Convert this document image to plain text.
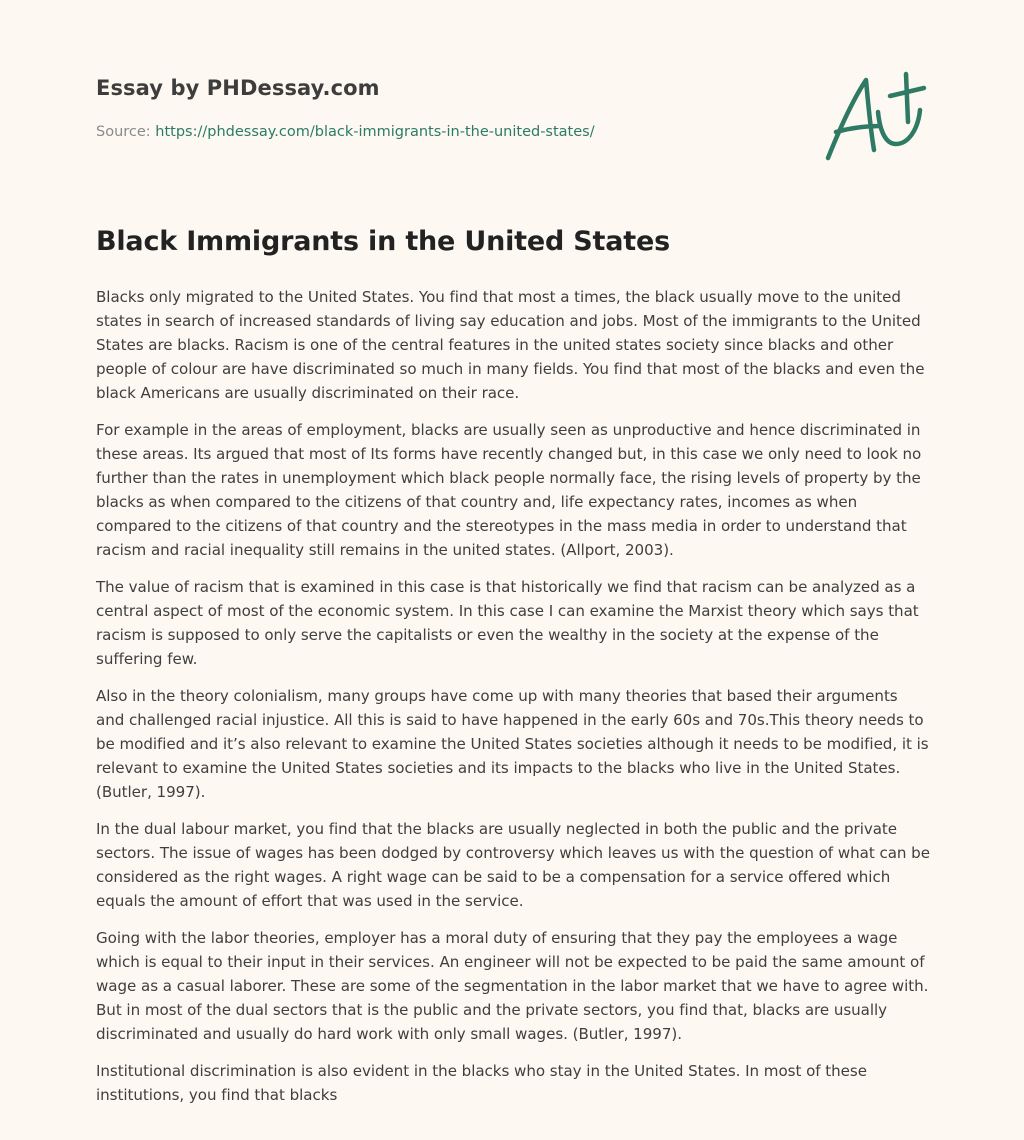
Essay by PHDessay.com
Source: https://phdessay.com/black-immigrants-in-the-united-states/
Black Immigrants in the United States

Blacks only migrated to the United States. You find that most a times, the black usually move to the united states in search of increased standards of living say education and jobs. Most of the immigrants to the United States are blacks. Racism is one of the central features in the united states society since blacks and other people of colour are have discriminated so much in many fields. You find that most of the blacks and even the black Americans are usually discriminated on their race.

For example in the areas of employment, blacks are usually seen as unproductive and hence discriminated in these areas. Its argued that most of Its forms have recently changed but, in this case we only need to look no further than the rates in unemployment which black people normally face, the rising levels of property by the blacks as when compared to the citizens of that country and, life expectancy rates, incomes as when compared to the citizens of that country and the stereotypes in the mass media in order to understand that racism and racial inequality still remains in the united states. (Allport, 2003).

The value of racism that is examined in this case is that historically we find that racism can be analyzed as a central aspect of most of the economic system. In this case I can examine the Marxist theory which says that racism is supposed to only serve the capitalists or even the wealthy in the society at the expense of the suffering few.

Also in the theory colonialism, many groups have come up with many theories that based their arguments and challenged racial injustice. All this is said to have happened in the early 60s and 70s.This theory needs to be modified and it’s also relevant to examine the United States societies although it needs to be modified, it is relevant to examine the United States societies and its impacts to the blacks who live in the United States. (Butler, 1997).

In the dual labour market, you find that the blacks are usually neglected in both the public and the private sectors. The issue of wages has been dodged by controversy which leaves us with the question of what can be considered as the right wages. A right wage can be said to be a compensation for a service offered which equals the amount of effort that was used in the service.

Going with the labor theories, employer has a moral duty of ensuring that they pay the employees a wage which is equal to their input in their services. An engineer will not be expected to be paid the same amount of wage as a casual laborer. These are some of the segmentation in the labor market that we have to agree with. But in most of the dual sectors that is the public and the private sectors, you find that, blacks are usually discriminated and usually do hard work with only small wages. (Butler, 1997).

Institutional discrimination is also evident in the blacks who stay in the United States. In most of these institutions, you find that blacks
